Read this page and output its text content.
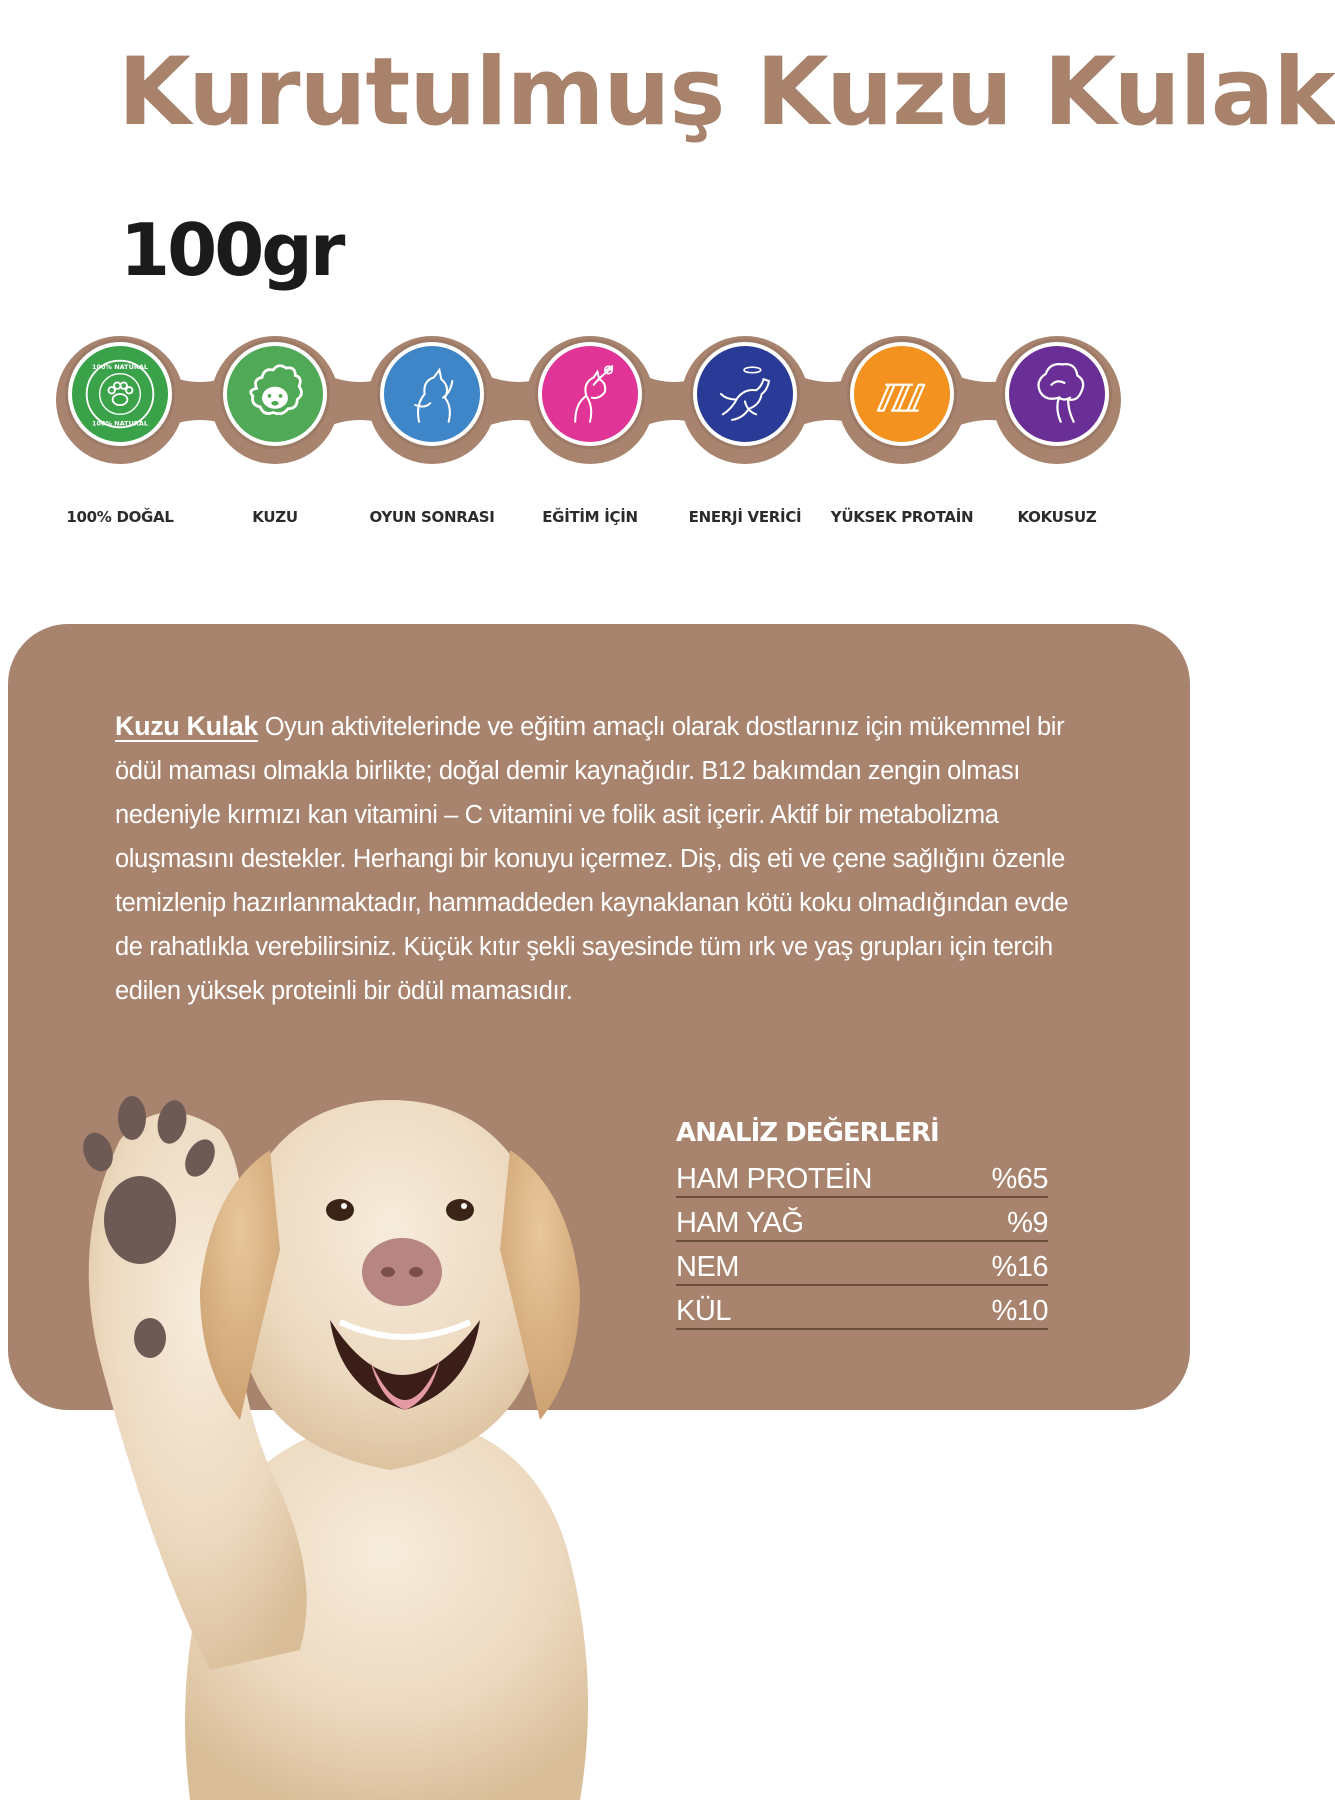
Kurutulmuş Kuzu Kulak
100gr
100% NATURAL
100% NATURAL
100% DOĞAL	KUZU	OYUN SONRASI	EĞİTİM İÇİN	ENERJİ VERİCİ	YÜKSEK PROTAİN	KOKUSUZ

Kuzu Kulak Oyun aktivitelerinde ve eğitim amaçlı olarak dostlarınız için mükemmel bir ödül maması olmakla birlikte; doğal demir kaynağıdır. B12 bakımdan zengin olması nedeniyle kırmızı kan vitamini – C vitamini ve folik asit içerir. Aktif bir metabolizma oluşmasını destekler. Herhangi bir konuyu içermez. Diş, diş eti ve çene sağlığını özenle temizlenip hazırlanmaktadır, hammaddeden kaynaklanan kötü koku olmadığından evde de rahatlıkla verebilirsiniz. Küçük kıtır şekli sayesinde tüm ırk ve yaş grupları için tercih edilen yüksek proteinli bir ödül mamasıdır.

ANALİZ DEĞERLERİ
HAM PROTEİN	%65
HAM YAĞ	%9
NEM	%16
KÜL	%10
